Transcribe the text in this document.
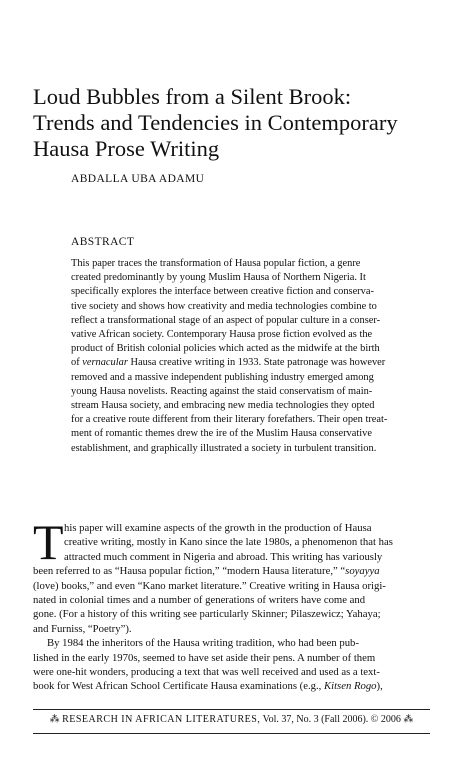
Loud Bubbles from a Silent Brook:
Trends and Tendencies in Contemporary
Hausa Prose Writing
ABDALLA UBA ADAMU
ABSTRACT
This paper traces the transformation of Hausa popular fiction, a genre
created predominantly by young Muslim Hausa of Northern Nigeria. It
specifically explores the interface between creative fiction and conserva-
tive society and shows how creativity and media technologies combine to
reflect a transformational stage of an aspect of popular culture in a conser-
vative African society. Contemporary Hausa prose fiction evolved as the
product of British colonial policies which acted as the midwife at the birth
of vernacular Hausa creative writing in 1933. State patronage was however
removed and a massive independent publishing industry emerged among
young Hausa novelists. Reacting against the staid conservatism of main-
stream Hausa society, and embracing new media technologies they opted
for a creative route different from their literary forefathers. Their open treat-
ment of romantic themes drew the ire of the Muslim Hausa conservative
establishment, and graphically illustrated a society in turbulent transition.
T his paper will examine aspects of the growth in the production of Hausa
creative writing, mostly in Kano since the late 1980s, a phenomenon that has
attracted much comment in Nigeria and abroad. This writing has variously
been referred to as “Hausa popular fiction,” “modern Hausa literature,” “soyayya
(love) books,” and even “Kano market literature.” Creative writing in Hausa origi-
nated in colonial times and a number of generations of writers have come and
gone. (For a history of this writing see particularly Skinner; Pilaszewicz; Yahaya;
and Furniss, “Poetry”).
By 1984 the inheritors of the Hausa writing tradition, who had been pub-
lished in the early 1970s, seemed to have set aside their pens. A number of them
were one-hit wonders, producing a text that was well received and used as a text-
book for West African School Certificate Hausa examinations (e.g., Kitsen Rogo),
⁂ RESEARCH IN AFRICAN LITERATURES, Vol. 37, No. 3 (Fall 2006). © 2006 ⁂
